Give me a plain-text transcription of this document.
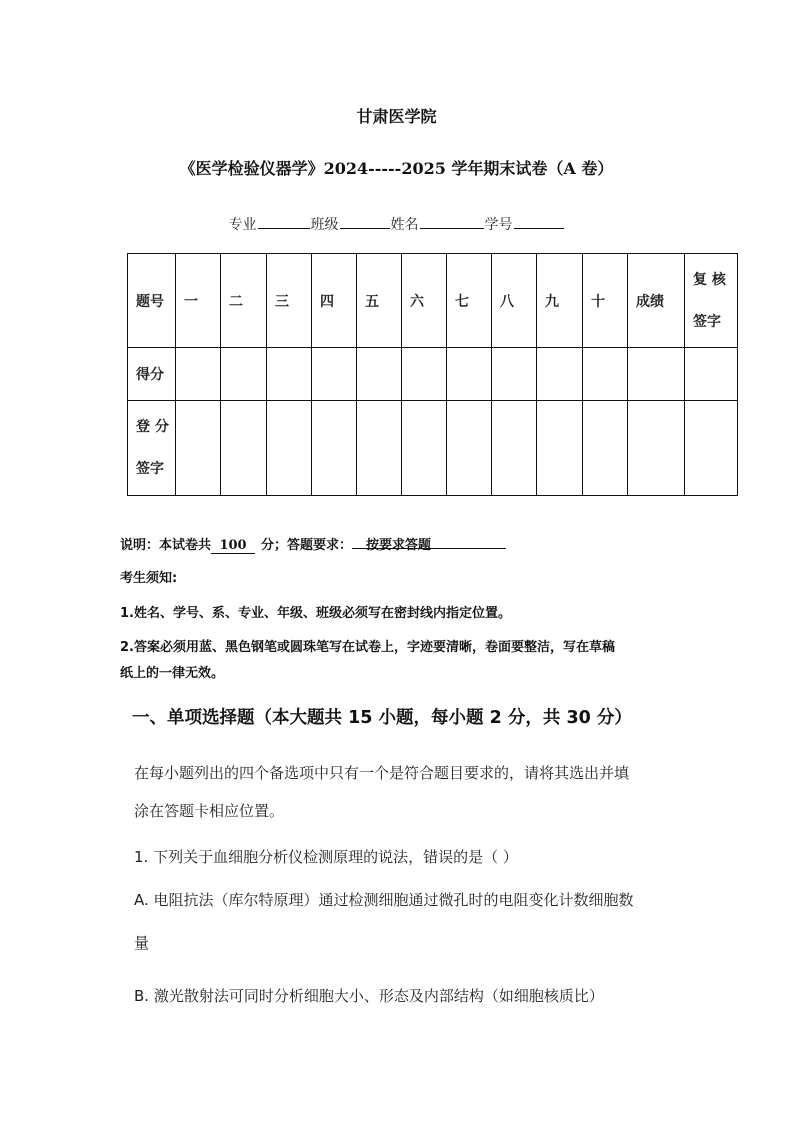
甘肃医学院
《医学检验仪器学》2024-----2025 学年期末试卷（A 卷）
专业	班级	姓名	学号
题号	一	二	三	四	五	六	七	八	九	十	成绩	复 核
签字

得分												

登 分
签字												

说明：本试卷共 100 分；答题要求： 按要求答题
考生须知:
1.姓名、学号、系、专业、年级、班级必须写在密封线内指定位置。
2.答案必须用蓝、黑色钢笔或圆珠笔写在试卷上，字迹要清晰，卷面要整洁，写在草稿
纸上的一律无效。
一、单项选择题（本大题共 15 小题，每小题 2 分，共 30 分）
在每小题列出的四个备选项中只有一个是符合题目要求的，请将其选出并填
涂在答题卡相应位置。
1. 下列关于血细胞分析仪检测原理的说法，错误的是（ ）
A. 电阻抗法（库尔特原理）通过检测细胞通过微孔时的电阻变化计数细胞数
量
B. 激光散射法可同时分析细胞大小、形态及内部结构（如细胞核质比）
